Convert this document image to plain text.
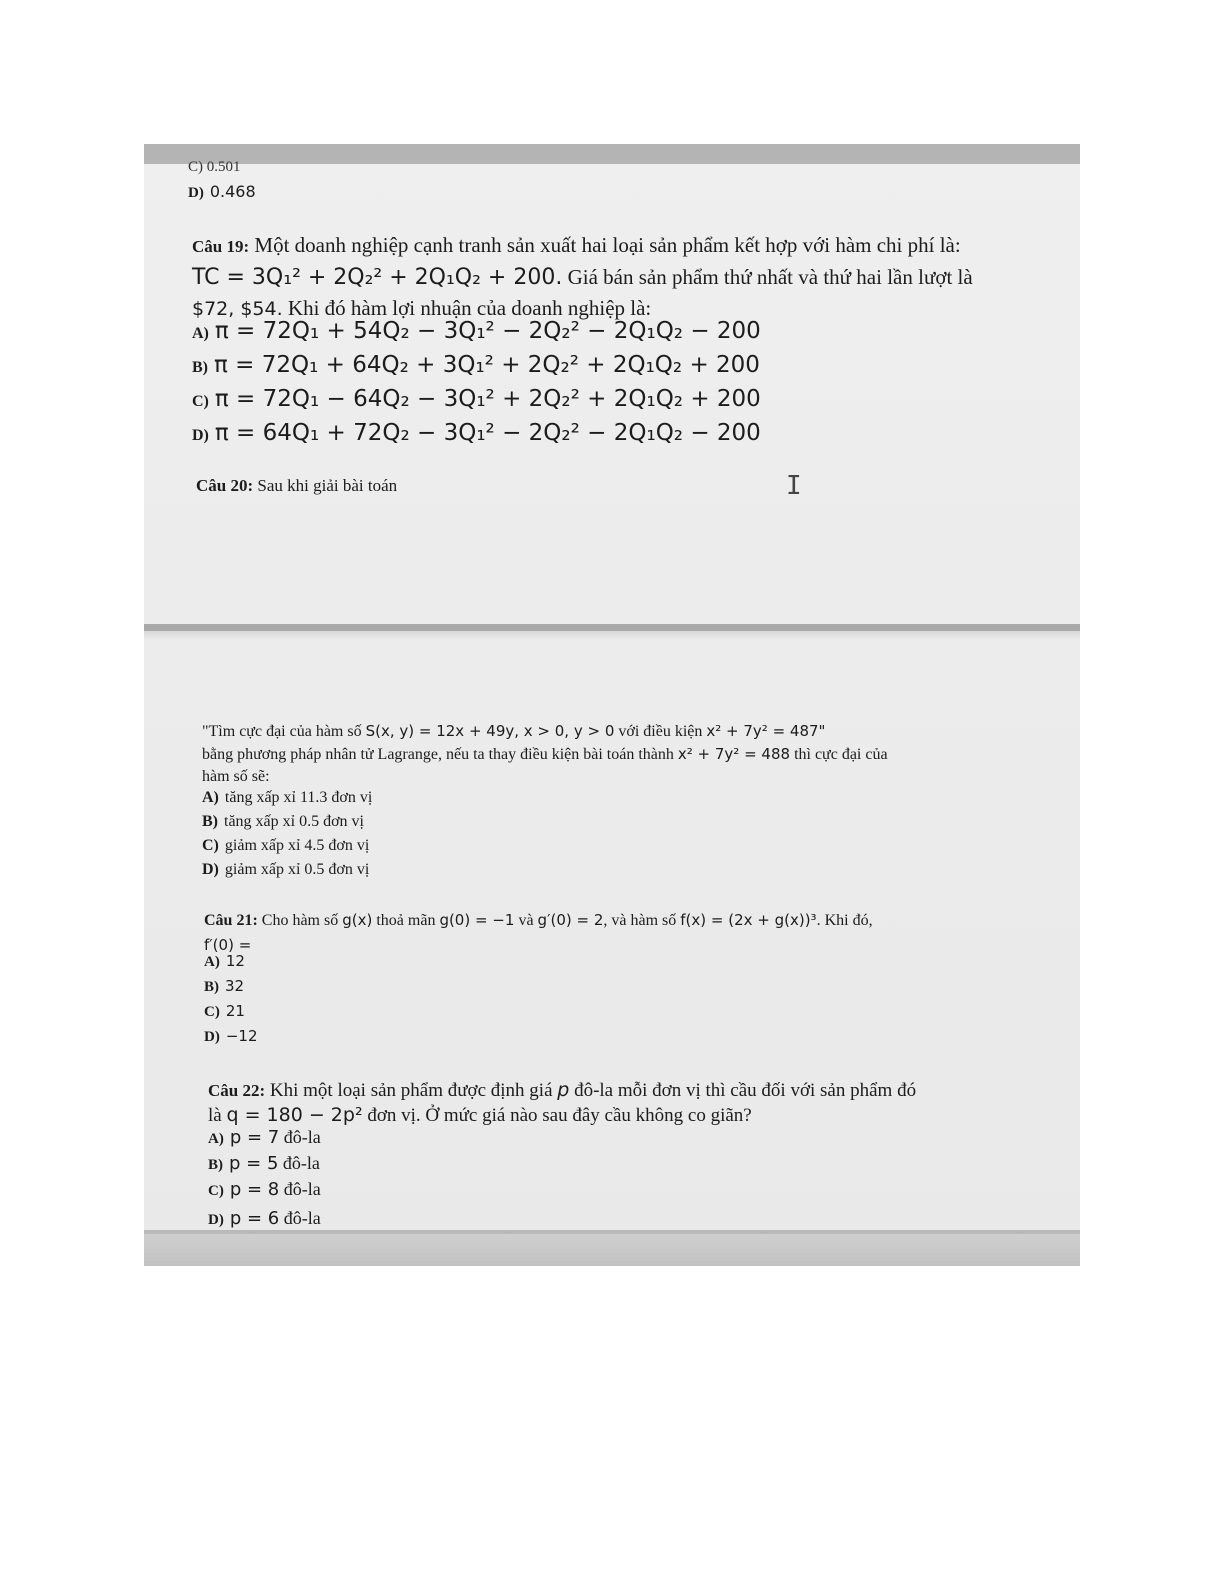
C) 0.501
D) 0.468
Câu 19: Một doanh nghiệp cạnh tranh sản xuất hai loại sản phẩm kết hợp với hàm chi phí là:
TC = 3Q₁² + 2Q₂² + 2Q₁Q₂ + 200. Giá bán sản phẩm thứ nhất và thứ hai lần lượt là
$72, $54. Khi đó hàm lợi nhuận của doanh nghiệp là:
A) π = 72Q₁ + 54Q₂ − 3Q₁² − 2Q₂² − 2Q₁Q₂ − 200
B) π = 72Q₁ + 64Q₂ + 3Q₁² + 2Q₂² + 2Q₁Q₂ + 200
C) π = 72Q₁ − 64Q₂ − 3Q₁² + 2Q₂² + 2Q₁Q₂ + 200
D) π = 64Q₁ + 72Q₂ − 3Q₁² − 2Q₂² − 2Q₁Q₂ − 200
Câu 20: Sau khi giải bài toán	I
"Tìm cực đại của hàm số S(x, y) = 12x + 49y, x > 0, y > 0 với điều kiện x² + 7y² = 487"
bằng phương pháp nhân tử Lagrange, nếu ta thay điều kiện bài toán thành x² + 7y² = 488 thì cực đại của
hàm số sẽ:
A) tăng xấp xỉ 11.3 đơn vị
B) tăng xấp xỉ 0.5 đơn vị
C) giảm xấp xỉ 4.5 đơn vị
D) giảm xấp xỉ 0.5 đơn vị
Câu 21: Cho hàm số g(x) thoả mãn g(0) = −1 và g′(0) = 2, và hàm số f(x) = (2x + g(x))³. Khi đó,
f′(0) =
A) 12
B) 32
C) 21
D) −12
Câu 22: Khi một loại sản phẩm được định giá p đô-la mỗi đơn vị thì cầu đối với sản phẩm đó
là q = 180 − 2p² đơn vị. Ở mức giá nào sau đây cầu không co giãn?
A) p = 7 đô-la
B) p = 5 đô-la
C) p = 8 đô-la
D) p = 6 đô-la
